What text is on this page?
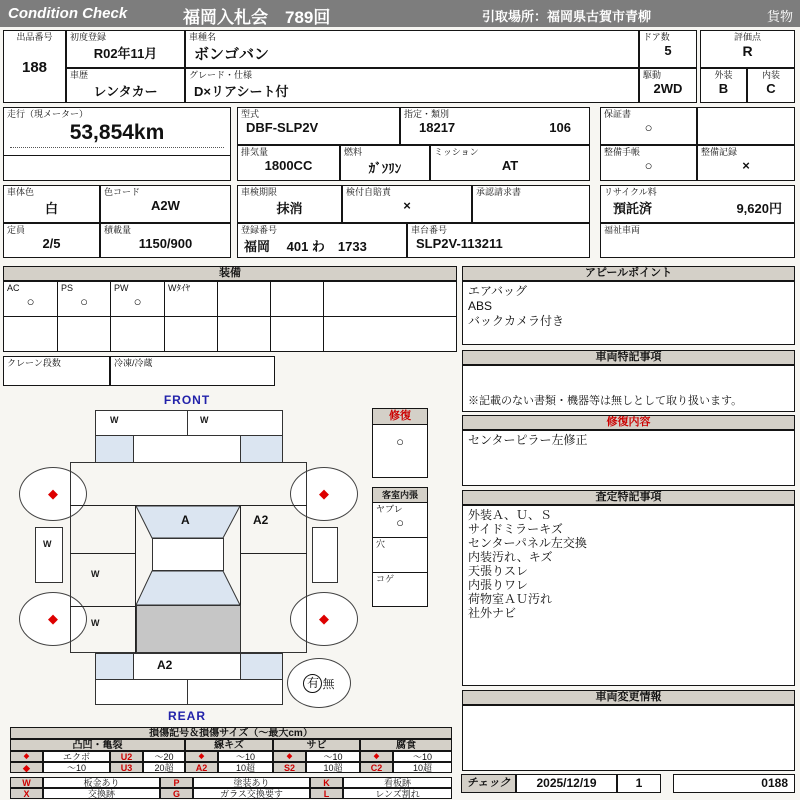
Condition Check	福岡入札会　789回	引取場所：福岡県古賀市青柳	貨物
出品番号
188
初度登録
R02年11月
車歴
レンタカー
車種名
ボンゴバン
グレード・仕様
D×リアシート付
ドア数
5
駆動
2WD
評価点
R
外装
B
内装
C
走行（現メーター）
53,854km
型式
DBF-SLP2V
指定・類別
18217	106
排気量
1800CC
燃料
ｶﾞｿﾘﾝ
ミッション
AT
保証書
○
整備手帳
○
整備記録
×
車体色
白
色コード
A2W
定員
2/5
積載量
1150/900
車検期限
抹消
検付自賠責
×
承認請求書
登録番号
福岡　 401 わ　1733
車台番号
SLP2V-113211
リサイクル料
預託済	9,620円
福祉車両
装備
AC
○
PS
○
PW
○
Wﾀｲﾔ
クレーン段数	冷凍/冷蔵
アピールポイント
エアバッグ
ABS
バックカメラ付き
車両特記事項
※記載のない書類・機器等は無しとして取り扱います。
修復内容
センターピラー左修正
査定特記事項
外装Ａ、Ｕ、Ｓ
サイドミラーキズ
センターパネル左交換
内装汚れ、キズ
天張りスレ
内張りワレ
荷物室ＡＵ汚れ
社外ナビ
車両変更情報
チェック	2025/12/19	1	0188
FRONT
◆	◆
◆	◆
W	W
W
W
W
A	A2
A2
有 無
REAR
修復
○
客室内張
ヤブレ
○
穴
コゲ
損傷記号＆損傷サイズ（～最大cm）
凸凹・亀裂	線キズ	サビ	腐食
◆	エクボ	U2	～20	◆	～10	◆	～10	◆	～10
◆	～10	U3	20超	A2	10超	S2	10超	C2	10超
W	板金あり	P	塗装あり	K	看板跡
X	交換跡	G	ガラス交換要す	L	レンズ割れ
